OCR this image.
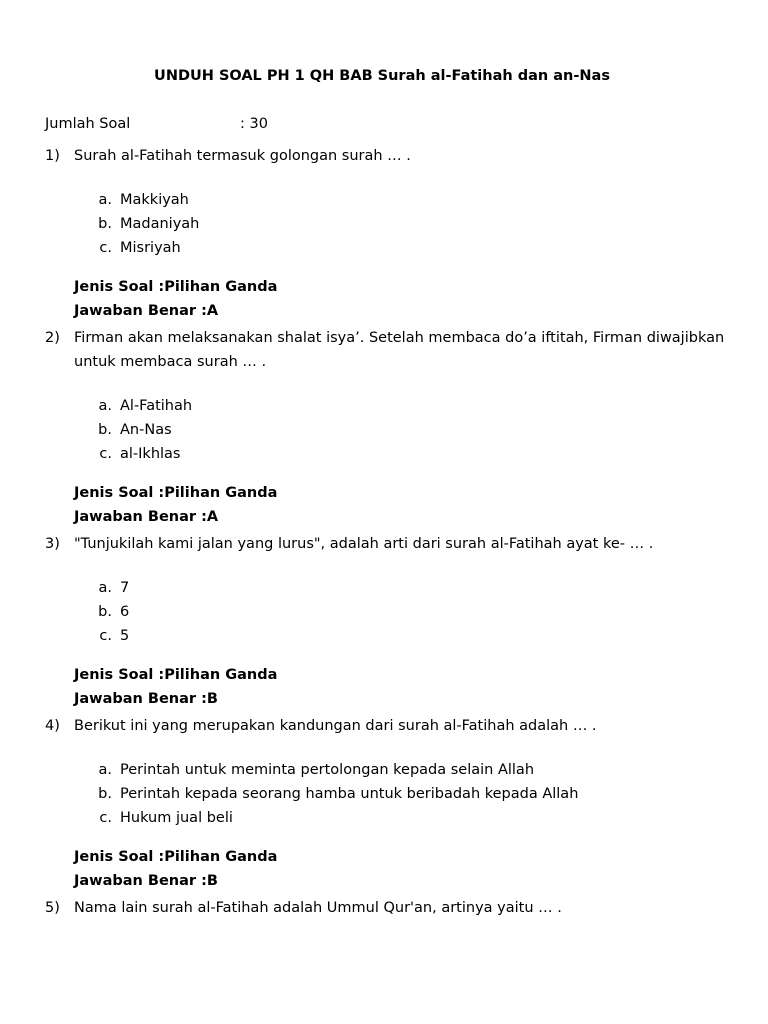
UNDUH SOAL PH 1 QH BAB Surah al-Fatihah dan an-Nas
Jumlah Soal	: 30
1) Surah al-Fatihah termasuk golongan surah … .
a. Makkiyah
b. Madaniyah
c. Misriyah
Jenis Soal :Pilihan Ganda
Jawaban Benar :A
2) Firman akan melaksanakan shalat isya’. Setelah membaca do’a iftitah, Firman diwajibkan untuk membaca surah … .
a. Al-Fatihah
b. An-Nas
c. al-Ikhlas
Jenis Soal :Pilihan Ganda
Jawaban Benar :A
3) "Tunjukilah kami jalan yang lurus", adalah arti dari surah al-Fatihah ayat ke- … .
a. 7
b. 6
c. 5
Jenis Soal :Pilihan Ganda
Jawaban Benar :B
4) Berikut ini yang merupakan kandungan dari surah al-Fatihah adalah … .
a. Perintah untuk meminta pertolongan kepada selain Allah
b. Perintah kepada seorang hamba untuk beribadah kepada Allah
c. Hukum jual beli
Jenis Soal :Pilihan Ganda
Jawaban Benar :B
5) Nama lain surah al-Fatihah adalah Ummul Qur'an, artinya yaitu … .
